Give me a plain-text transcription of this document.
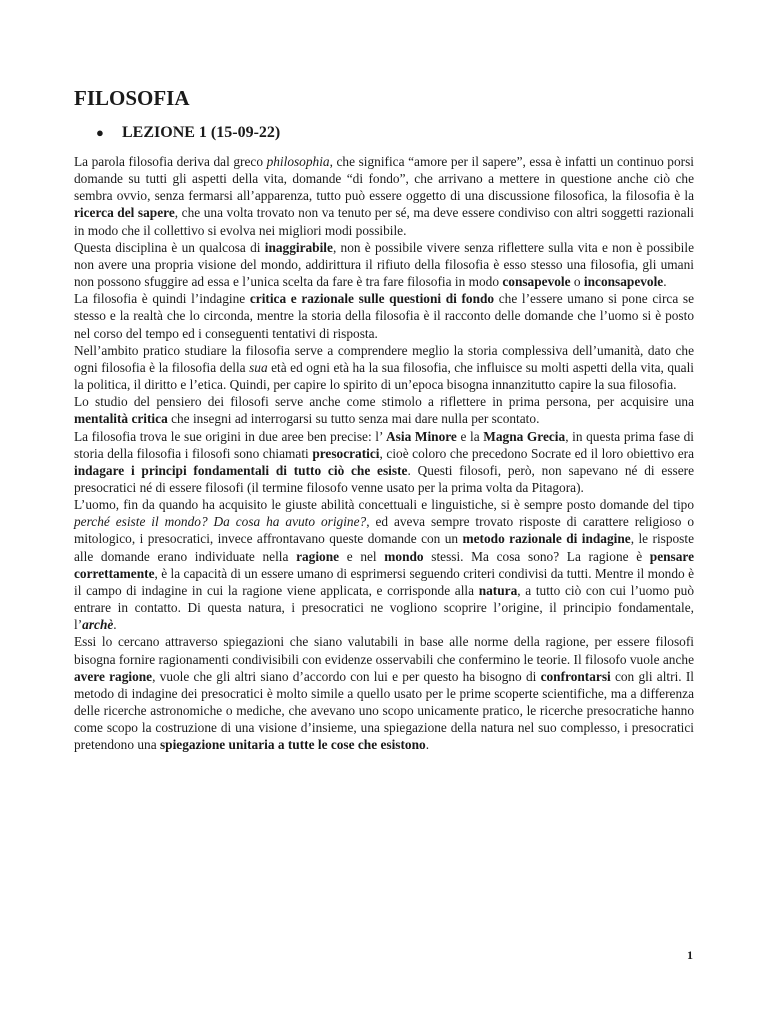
FILOSOFIA
● LEZIONE 1 (15-09-22)

La parola filosofia deriva dal greco philosophia, che significa “amore per il sapere”, essa è infatti un continuo porsi domande su tutti gli aspetti della vita, domande “di fondo”, che arrivano a mettere in questione anche ciò che sembra ovvio, senza fermarsi all’apparenza, tutto può essere oggetto di una discussione filosofica, la filosofia è la ricerca del sapere, che una volta trovato non va tenuto per sé, ma deve essere condiviso con altri soggetti razionali in modo che il collettivo si evolva nei migliori modi possibile.

Questa disciplina è un qualcosa di inaggirabile, non è possibile vivere senza riflettere sulla vita e non è possibile non avere una propria visione del mondo, addirittura il rifiuto della filosofia è esso stesso una filosofia, gli umani non possono sfuggire ad essa e l’unica scelta da fare è tra fare filosofia in modo consapevole o inconsapevole.

La filosofia è quindi l’indagine critica e razionale sulle questioni di fondo che l’essere umano si pone circa se stesso e la realtà che lo circonda, mentre la storia della filosofia è il racconto delle domande che l’uomo si è posto nel corso del tempo ed i conseguenti tentativi di risposta.

Nell’ambito pratico studiare la filosofia serve a comprendere meglio la storia complessiva dell’umanità, dato che ogni filosofia è la filosofia della sua età ed ogni età ha la sua filosofia, che influisce su molti aspetti della vita, quali la politica, il diritto e l’etica. Quindi, per capire lo spirito di un’epoca bisogna innanzitutto capire la sua filosofia.

Lo studio del pensiero dei filosofi serve anche come stimolo a riflettere in prima persona, per acquisire una mentalità critica che insegni ad interrogarsi su tutto senza mai dare nulla per scontato.

La filosofia trova le sue origini in due aree ben precise: l’ Asia Minore e la Magna Grecia, in questa prima fase di storia della filosofia i filosofi sono chiamati presocratici, cioè coloro che precedono Socrate ed il loro obiettivo era indagare i principi fondamentali di tutto ciò che esiste. Questi filosofi, però, non sapevano né di essere presocratici né di essere filosofi (il termine filosofo venne usato per la prima volta da Pitagora).

L’uomo, fin da quando ha acquisito le giuste abilità concettuali e linguistiche, si è sempre posto domande del tipo perché esiste il mondo? Da cosa ha avuto origine?, ed aveva sempre trovato risposte di carattere religioso o mitologico, i presocratici, invece affrontavano queste domande con un metodo razionale di indagine, le risposte alle domande erano individuate nella ragione e nel mondo stessi. Ma cosa sono? La ragione è pensare correttamente, è la capacità di un essere umano di esprimersi seguendo criteri condivisi da tutti. Mentre il mondo è il campo di indagine in cui la ragione viene applicata, e corrisponde alla natura, a tutto ciò con cui l’uomo può entrare in contatto. Di questa natura, i presocratici ne vogliono scoprire l’origine, il principio fondamentale, l’archè.

Essi lo cercano attraverso spiegazioni che siano valutabili in base alle norme della ragione, per essere filosofi bisogna fornire ragionamenti condivisibili con evidenze osservabili che confermino le teorie. Il filosofo vuole anche avere ragione, vuole che gli altri siano d’accordo con lui e per questo ha bisogno di confrontarsi con gli altri. Il metodo di indagine dei presocratici è molto simile a quello usato per le prime scoperte scientifiche, ma a differenza delle ricerche astronomiche o mediche, che avevano uno scopo unicamente pratico, le ricerche presocratiche hanno come scopo la costruzione di una visione d’insieme, una spiegazione della natura nel suo complesso, i presocratici pretendono una spiegazione unitaria a tutte le cose che esistono.

1
